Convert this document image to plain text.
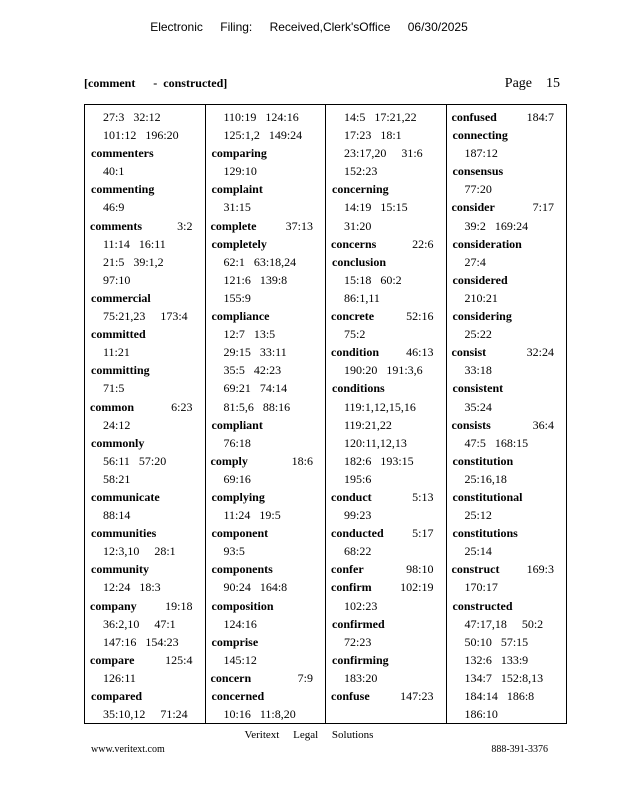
Electronic Filing: Received,Clerk'sOffice 06/30/2025
[comment      -  constructed]	Page    15
27:3   32:12
101:12   196:20
commenters
40:1
commenting
46:9
comments	3:2
11:14   16:11
21:5   39:1,2
97:10
commercial
75:21,23     173:4
committed
11:21
committing
71:5
common	6:23
24:12
commonly
56:11   57:20
58:21
communicate
88:14
communities
12:3,10     28:1
community
12:24   18:3
company 19:18
36:2,10     47:1
147:16   154:23
compare	125:4
126:11
compared
35:10,12     71:24
110:19   124:16
125:1,2   149:24
comparing
129:10
complaint
31:15
complete 37:13
completely
62:1   63:18,24
121:6   139:8
155:9
compliance
12:7   13:5
29:15   33:11
35:5   42:23
69:21   74:14
81:5,6   88:16
compliant
76:18
comply	18:6
69:16
complying
11:24   19:5
component
93:5
components
90:24   164:8
composition
124:16
comprise
145:12
concern	7:9
concerned
10:16   11:8,20
14:5   17:21,22
17:23   18:1
23:17,20     31:6
152:23
concerning
14:19   15:15
31:20
concerns	22:6
conclusion
15:18   60:2
86:1,11
concrete	52:16
75:2
condition 46:13
190:20   191:3,6
conditions
119:1,12,15,16
119:21,22
120:11,12,13
182:6   193:15
195:6
conduct	5:13
99:23
conducted 5:17
68:22
confer	98:10
confirm 102:19
102:23
confirmed
72:23
confirming
183:20
confuse	147:23
confused 184:7
connecting
187:12
consensus
77:20
consider	7:17
39:2   169:24
consideration
27:4
considered
210:21
considering
25:22
consist	32:24
33:18
consistent
35:24
consists	36:4
47:5   168:15
constitution
25:16,18
constitutional
25:12
constitutions
25:14
construct 169:3
170:17
constructed
47:17,18     50:2
50:10   57:15
132:6   133:9
134:7   152:8,13
184:14   186:8
186:10
Veritext     Legal     Solutions
www.veritext.com	888-391-3376
